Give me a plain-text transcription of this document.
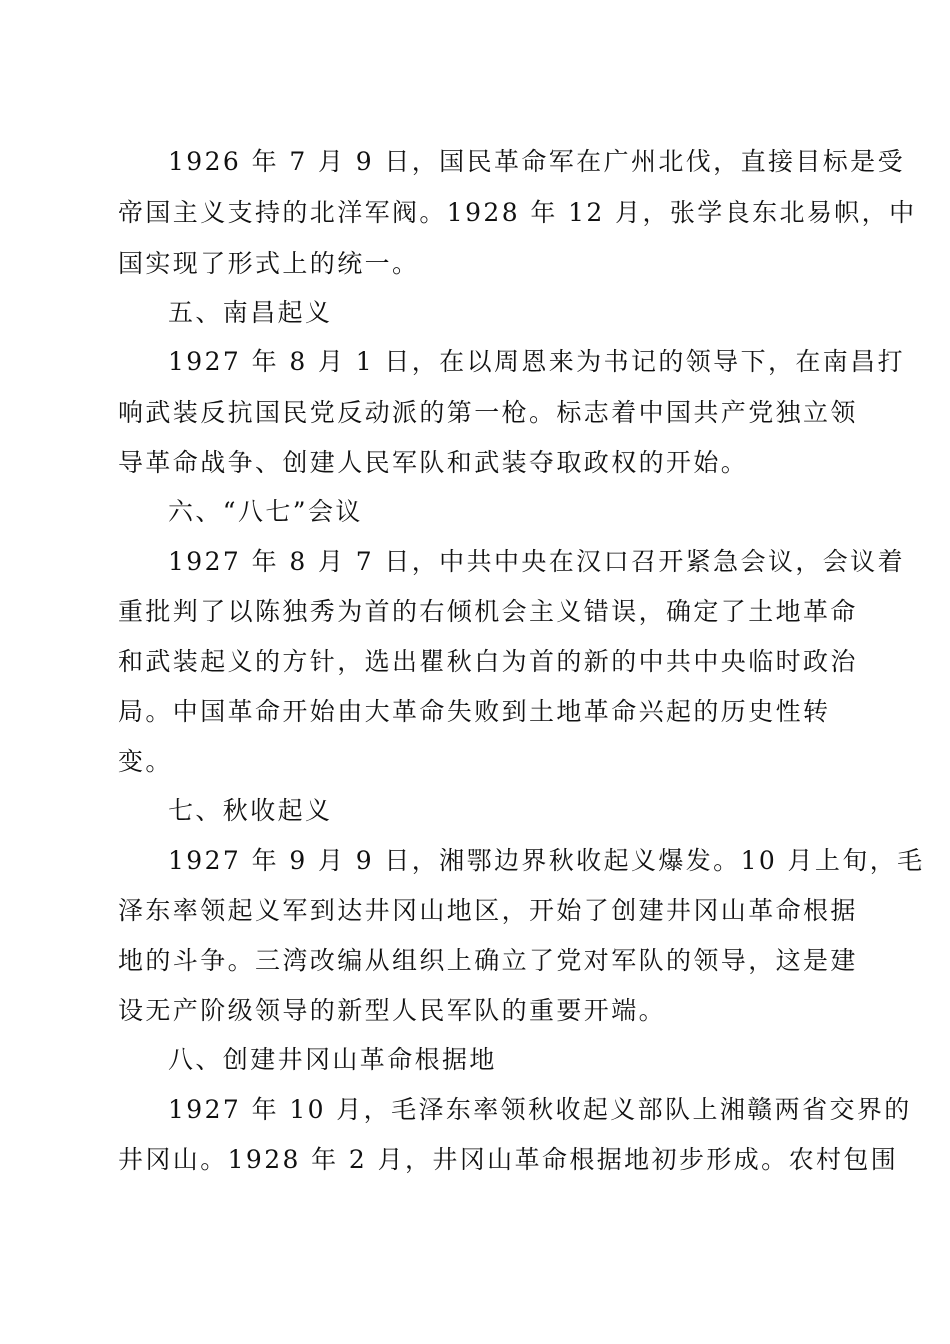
1926 年 7 月 9 日，国民革命军在广州北伐，直接目标是受
帝国主义支持的北洋军阀。1928 年 12 月，张学良东北易帜，中
国实现了形式上的统一。
五、南昌起义
1927 年 8 月 1 日，在以周恩来为书记的领导下，在南昌打
响武装反抗国民党反动派的第一枪。标志着中国共产党独立领
导革命战争、创建人民军队和武装夺取政权的开始。
六、“八七”会议
1927 年 8 月 7 日，中共中央在汉口召开紧急会议，会议着
重批判了以陈独秀为首的右倾机会主义错误，确定了土地革命
和武装起义的方针，选出瞿秋白为首的新的中共中央临时政治
局。中国革命开始由大革命失败到土地革命兴起的历史性转
变。
七、秋收起义
1927 年 9 月 9 日，湘鄂边界秋收起义爆发。10 月上旬，毛
泽东率领起义军到达井冈山地区，开始了创建井冈山革命根据
地的斗争。三湾改编从组织上确立了党对军队的领导，这是建
设无产阶级领导的新型人民军队的重要开端。
八、创建井冈山革命根据地
1927 年 10 月，毛泽东率领秋收起义部队上湘赣两省交界的
井冈山。1928 年 2 月，井冈山革命根据地初步形成。农村包围
